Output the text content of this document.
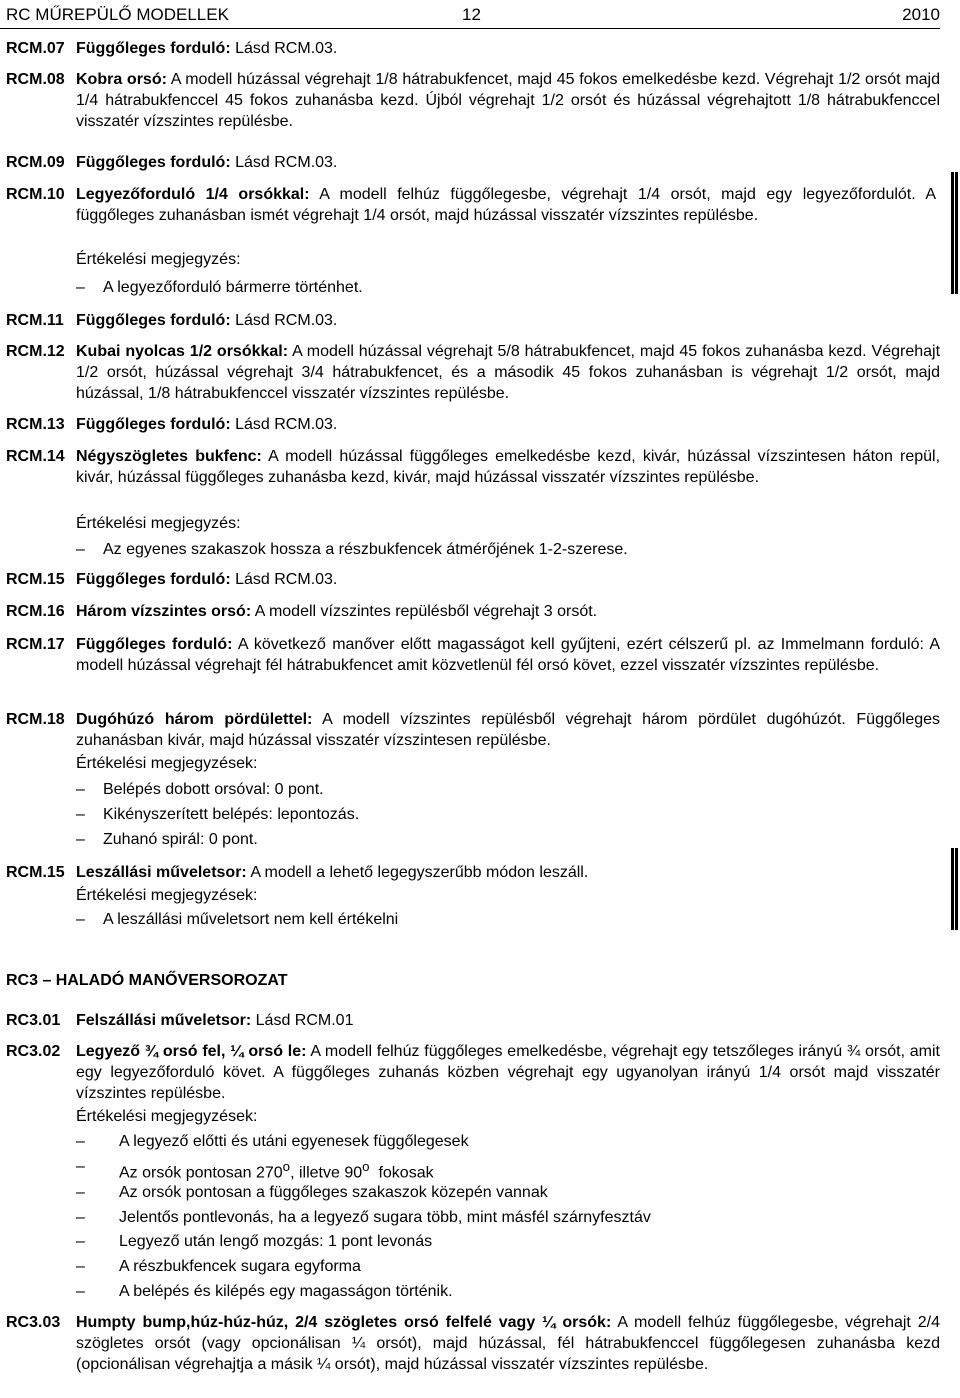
RC MŰREPÜLŐ MODELLEK	12	2010
RCM.07 Függőleges forduló: Lásd RCM.03.
RCM.08 Kobra orsó: A modell húzással végrehajt 1/8 hátrabukfencet, majd 45 fokos emelkedésbe kezd. Végrehajt 1/2 orsót majd 1/4 hátrabukfenccel 45 fokos zuhanásba kezd. Újból végrehajt 1/2 orsót és húzással végrehajtott 1/8 hátrabukfenccel visszatér vízszintes repülésbe.
RCM.09 Függőleges forduló: Lásd RCM.03.
RCM.10 Legyezőforduló 1/4 orsókkal: A modell felhúz függőlegesbe, végrehajt 1/4 orsót, majd egy legyezőfordulót. A függőleges zuhanásban ismét végrehajt 1/4 orsót, majd húzással visszatér vízszintes repülésbe.
Értékelési megjegyzés:
– A legyezőforduló bármerre történhet.
RCM.11 Függőleges forduló: Lásd RCM.03.
RCM.12 Kubai nyolcas 1/2 orsókkal: A modell húzással végrehajt 5/8 hátrabukfencet, majd 45 fokos zuhanásba kezd. Végrehajt 1/2 orsót, húzással végrehajt 3/4 hátrabukfencet, és a második 45 fokos zuhanásban is végrehajt 1/2 orsót, majd húzással, 1/8 hátrabukfenccel visszatér vízszintes repülésbe.
RCM.13 Függőleges forduló: Lásd RCM.03.
RCM.14 Négyszögletes bukfenc: A modell húzással függőleges emelkedésbe kezd, kivár, húzással vízszintesen háton repül, kivár, húzással függőleges zuhanásba kezd, kivár, majd húzással visszatér vízszintes repülésbe.
Értékelési megjegyzés:
– Az egyenes szakaszok hossza a részbukfencek átmérőjének 1-2-szerese.
RCM.15 Függőleges forduló: Lásd RCM.03.
RCM.16 Három vízszintes orsó: A modell vízszintes repülésből végrehajt 3 orsót.
RCM.17 Függőleges forduló: A következő manőver előtt magasságot kell gyűjteni, ezért célszerű pl. az Immelmann forduló: A modell húzással végrehajt fél hátrabukfencet amit közvetlenül fél orsó követ, ezzel visszatér vízszintes repülésbe.
RCM.18 Dugóhúzó három pördülettel: A modell vízszintes repülésből végrehajt három pördület dugóhúzót. Függőleges zuhanásban kivár, majd húzással visszatér vízszintesen repülésbe.
Értékelési megjegyzések:
– Belépés dobott orsóval: 0 pont.
– Kikényszerített belépés: lepontozás.
– Zuhanó spirál: 0 pont.
RCM.15 Leszállási műveletsor: A modell a lehető legegyszerűbb módon leszáll.
Értékelési megjegyzések:
– A leszállási műveletsort nem kell értékelni
RC3 – HALADÓ MANŐVERSOROZAT
RC3.01 Felszállási műveletsor: Lásd RCM.01
RC3.02 Legyező ¾ orsó fel, ¼ orsó le: A modell felhúz függőleges emelkedésbe, végrehajt egy tetszőleges irányú ¾ orsót, amit egy legyezőforduló követ. A függőleges zuhanás közben végrehajt egy ugyanolyan irányú 1/4 orsót majd visszatér vízszintes repülésbe.
Értékelési megjegyzések:
– A legyező előtti és utáni egyenesek függőlegesek
– Az orsók pontosan 270$^o$, illetve 90$^o$  fokosak
– Az orsók pontosan a függőleges szakaszok közepén vannak
– Jelentős pontlevonás, ha a legyező sugara több, mint másfél szárnyfesztáv
– Legyező után lengő mozgás: 1 pont levonás
– A részbukfencek sugara egyforma
– A belépés és kilépés egy magasságon történik.
RC3.03 Humpty bump,húz-húz-húz, 2/4 szögletes orsó felfelé vagy ¼ orsók: A modell felhúz függőlegesbe, végrehajt 2/4 szögletes orsót (vagy opcionálisan ¼ orsót), majd húzással, fél hátrabukfenccel függőlegesen zuhanásba kezd (opcionálisan végrehajtja a másik ¼ orsót), majd húzással visszatér vízszintes repülésbe.
